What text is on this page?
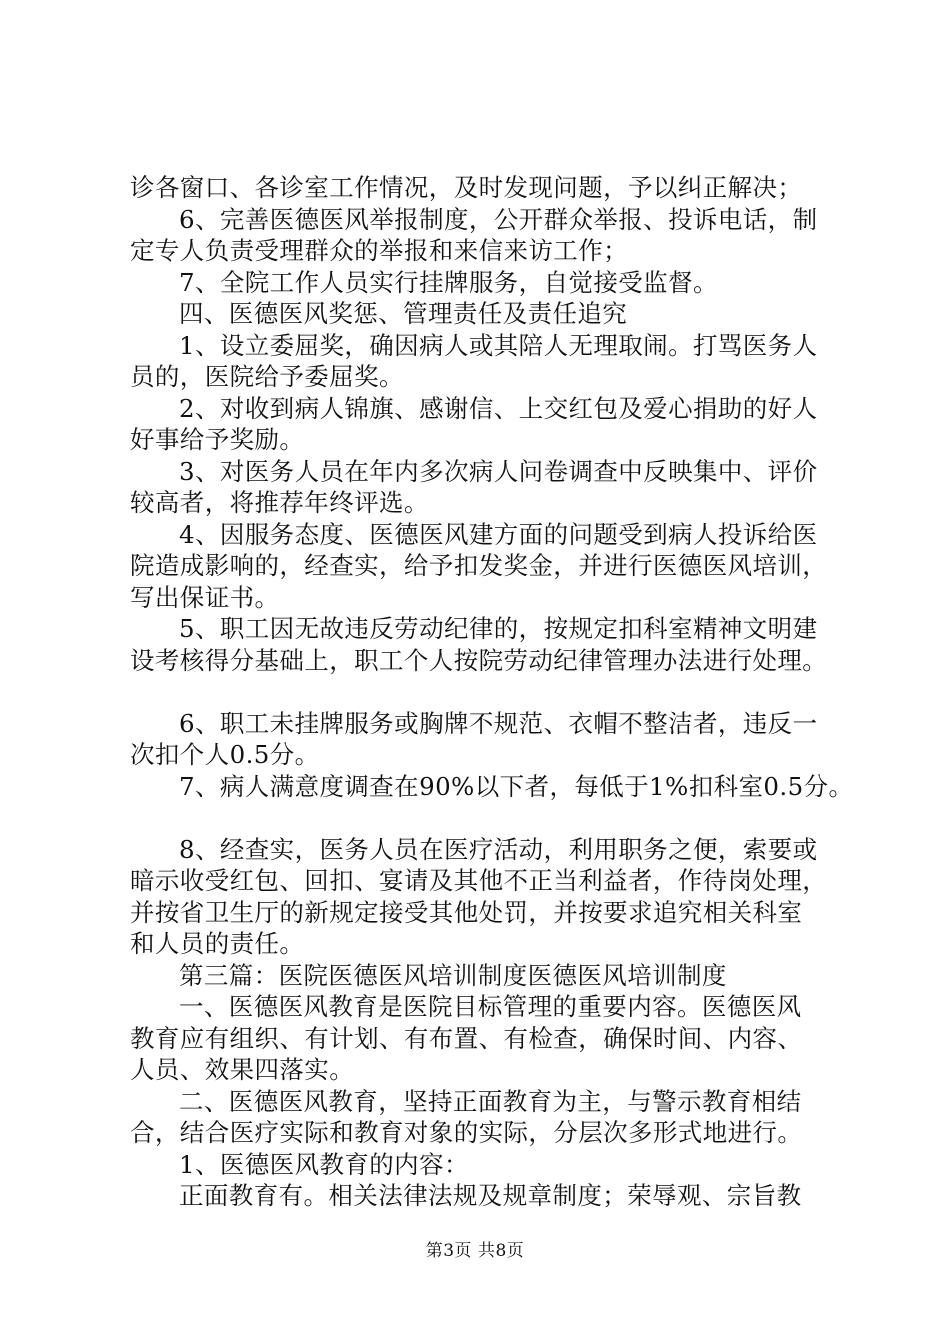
诊各窗口、各诊室工作情况，及时发现问题，予以纠正解决；
6、完善医德医风举报制度，公开群众举报、投诉电话，制
定专人负责受理群众的举报和来信来访工作；
7、全院工作人员实行挂牌服务，自觉接受监督。
四、医德医风奖惩、管理责任及责任追究
1、设立委屈奖，确因病人或其陪人无理取闹。打骂医务人
员的，医院给予委屈奖。
2、对收到病人锦旗、感谢信、上交红包及爱心捐助的好人
好事给予奖励。
3、对医务人员在年内多次病人问卷调查中反映集中、评价
较高者，将推荐年终评选。
4、因服务态度、医德医风建方面的问题受到病人投诉给医
院造成影响的，经查实，给予扣发奖金，并进行医德医风培训，
写出保证书。
5、职工因无故违反劳动纪律的，按规定扣科室精神文明建
设考核得分基础上，职工个人按院劳动纪律管理办法进行处理。
6、职工未挂牌服务或胸牌不规范、衣帽不整洁者，违反一
次扣个人0.5分。
7、病人满意度调查在90%以下者，每低于1%扣科室0.5分。
8、经查实，医务人员在医疗活动，利用职务之便，索要或
暗示收受红包、回扣、宴请及其他不正当利益者，作待岗处理，
并按省卫生厅的新规定接受其他处罚，并按要求追究相关科室
和人员的责任。
第三篇：医院医德医风培训制度医德医风培训制度
一、医德医风教育是医院目标管理的重要内容。医德医风
教育应有组织、有计划、有布置、有检查，确保时间、内容、
人员、效果四落实。
二、医德医风教育，坚持正面教育为主，与警示教育相结
合，结合医疗实际和教育对象的实际，分层次多形式地进行。
1、医德医风教育的内容：
正面教育有。相关法律法规及规章制度；荣辱观、宗旨教
第3页 共8页
